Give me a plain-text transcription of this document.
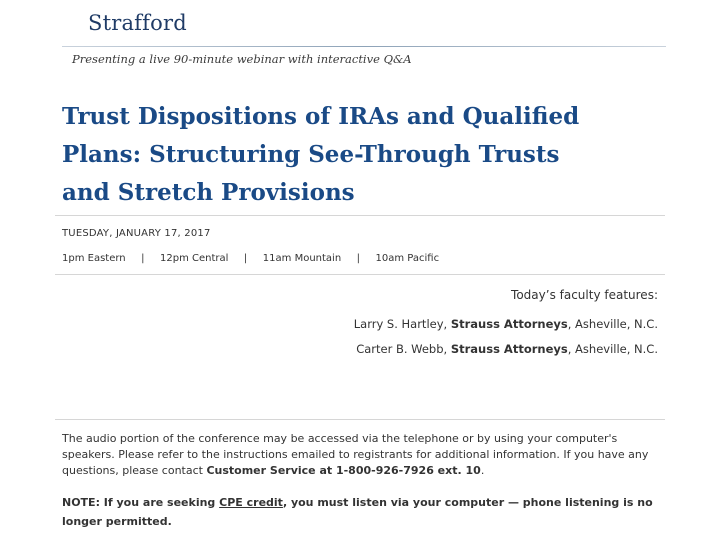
Strafford
Presenting a live 90-minute webinar with interactive Q&A
Trust Dispositions of IRAs and Qualified
Plans: Structuring See-Through Trusts
and Stretch Provisions
TUESDAY, JANUARY 17, 2017
1pm Eastern | 12pm Central | 11am Mountain | 10am Pacific
Today’s faculty features:
Larry S. Hartley, Strauss Attorneys, Asheville, N.C.
Carter B. Webb, Strauss Attorneys, Asheville, N.C.

The audio portion of the conference may be accessed via the telephone or by using your computer's speakers. Please refer to the instructions emailed to registrants for additional information. If you have any questions, please contact Customer Service at 1-800-926-7926 ext. 10.

NOTE: If you are seeking CPE credit, you must listen via your computer — phone listening is no longer permitted.
